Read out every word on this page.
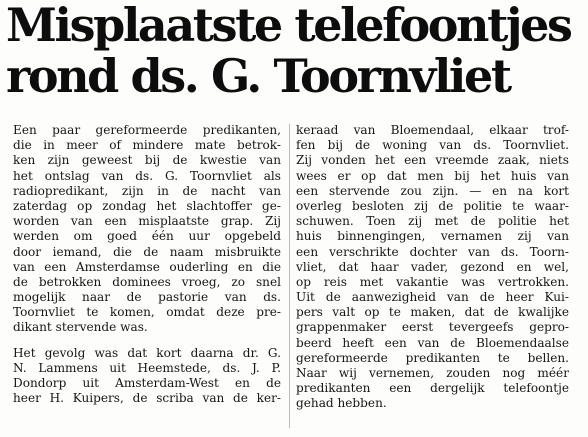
Misplaatste telefoontjes
rond ds. G. Toornvliet
Een paar gereformeerde predikanten,
die in meer of mindere mate betrok-
ken zijn geweest bij de kwestie van
het ontslag van ds. G. Toornvliet als
radiopredikant, zijn in de nacht van
zaterdag op zondag het slachtoffer ge-
worden van een misplaatste grap. Zij
werden om goed één uur opgebeld
door iemand, die de naam misbruikte
van een Amsterdamse ouderling en die
de betrokken dominees vroeg, zo snel
mogelijk naar de pastorie van ds.
Toornvliet te komen, omdat deze pre-
dikant stervende was.
Het gevolg was dat kort daarna dr. G.
N. Lammens uit Heemstede, ds. J. P.
Dondorp uit Amsterdam-West en de
heer H. Kuipers, de scriba van de ker-
keraad van Bloemendaal, elkaar trof-
fen bij de woning van ds. Toornvliet.
Zij vonden het een vreemde zaak, niets
wees er op dat men bij het huis van
een stervende zou zijn. — en na kort
overleg besloten zij de politie te waar-
schuwen. Toen zij met de politie het
huis binnengingen, vernamen zij van
een verschrikte dochter van ds. Toorn-
vliet, dat haar vader, gezond en wel,
op reis met vakantie was vertrokken.
Uit de aanwezigheid van de heer Kui-
pers valt op te maken, dat de kwalijke
grappenmaker eerst tevergeefs gepro-
beerd heeft een van de Bloemendaalse
gereformeerde predikanten te bellen.
Naar wij vernemen, zouden nog méér
predikanten een dergelijk telefoontje
gehad hebben.
